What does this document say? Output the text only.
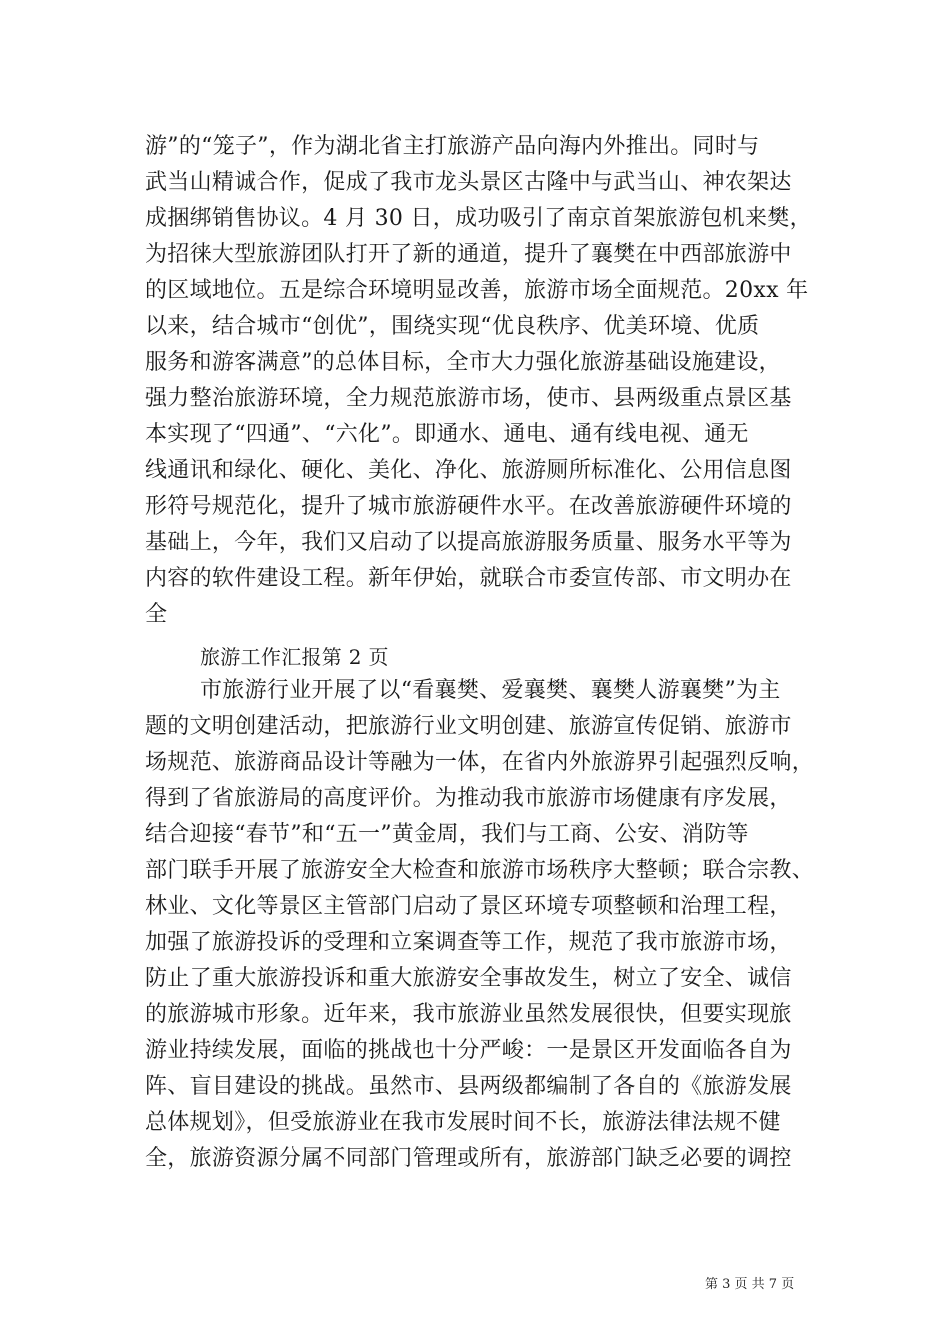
游”的“笼子”，作为湖北省主打旅游产品向海内外推出。同时与
武当山精诚合作，促成了我市龙头景区古隆中与武当山、神农架达
成捆绑销售协议。4 月 30 日，成功吸引了南京首架旅游包机来樊，
为招徕大型旅游团队打开了新的通道，提升了襄樊在中西部旅游中
的区域地位。五是综合环境明显改善，旅游市场全面规范。20xx 年
以来，结合城市“创优”，围绕实现“优良秩序、优美环境、优质
服务和游客满意”的总体目标，全市大力强化旅游基础设施建设，
强力整治旅游环境，全力规范旅游市场，使市、县两级重点景区基
本实现了“四通”、“六化”。即通水、通电、通有线电视、通无
线通讯和绿化、硬化、美化、净化、旅游厕所标准化、公用信息图
形符号规范化，提升了城市旅游硬件水平。在改善旅游硬件环境的
基础上，今年，我们又启动了以提高旅游服务质量、服务水平等为
内容的软件建设工程。新年伊始，就联合市委宣传部、市文明办在
全
旅游工作汇报第 2 页
市旅游行业开展了以“看襄樊、爱襄樊、襄樊人游襄樊”为主
题的文明创建活动，把旅游行业文明创建、旅游宣传促销、旅游市
场规范、旅游商品设计等融为一体，在省内外旅游界引起强烈反响，
得到了省旅游局的高度评价。为推动我市旅游市场健康有序发展，
结合迎接“春节”和“五一”黄金周，我们与工商、公安、消防等
部门联手开展了旅游安全大检查和旅游市场秩序大整顿；联合宗教、
林业、文化等景区主管部门启动了景区环境专项整顿和治理工程，
加强了旅游投诉的受理和立案调查等工作，规范了我市旅游市场，
防止了重大旅游投诉和重大旅游安全事故发生，树立了安全、诚信
的旅游城市形象。近年来，我市旅游业虽然发展很快，但要实现旅
游业持续发展，面临的挑战也十分严峻：一是景区开发面临各自为
阵、盲目建设的挑战。虽然市、县两级都编制了各自的《旅游发展
总体规划》，但受旅游业在我市发展时间不长，旅游法律法规不健
全，旅游资源分属不同部门管理或所有，旅游部门缺乏必要的调控
第 3 页 共 7 页
